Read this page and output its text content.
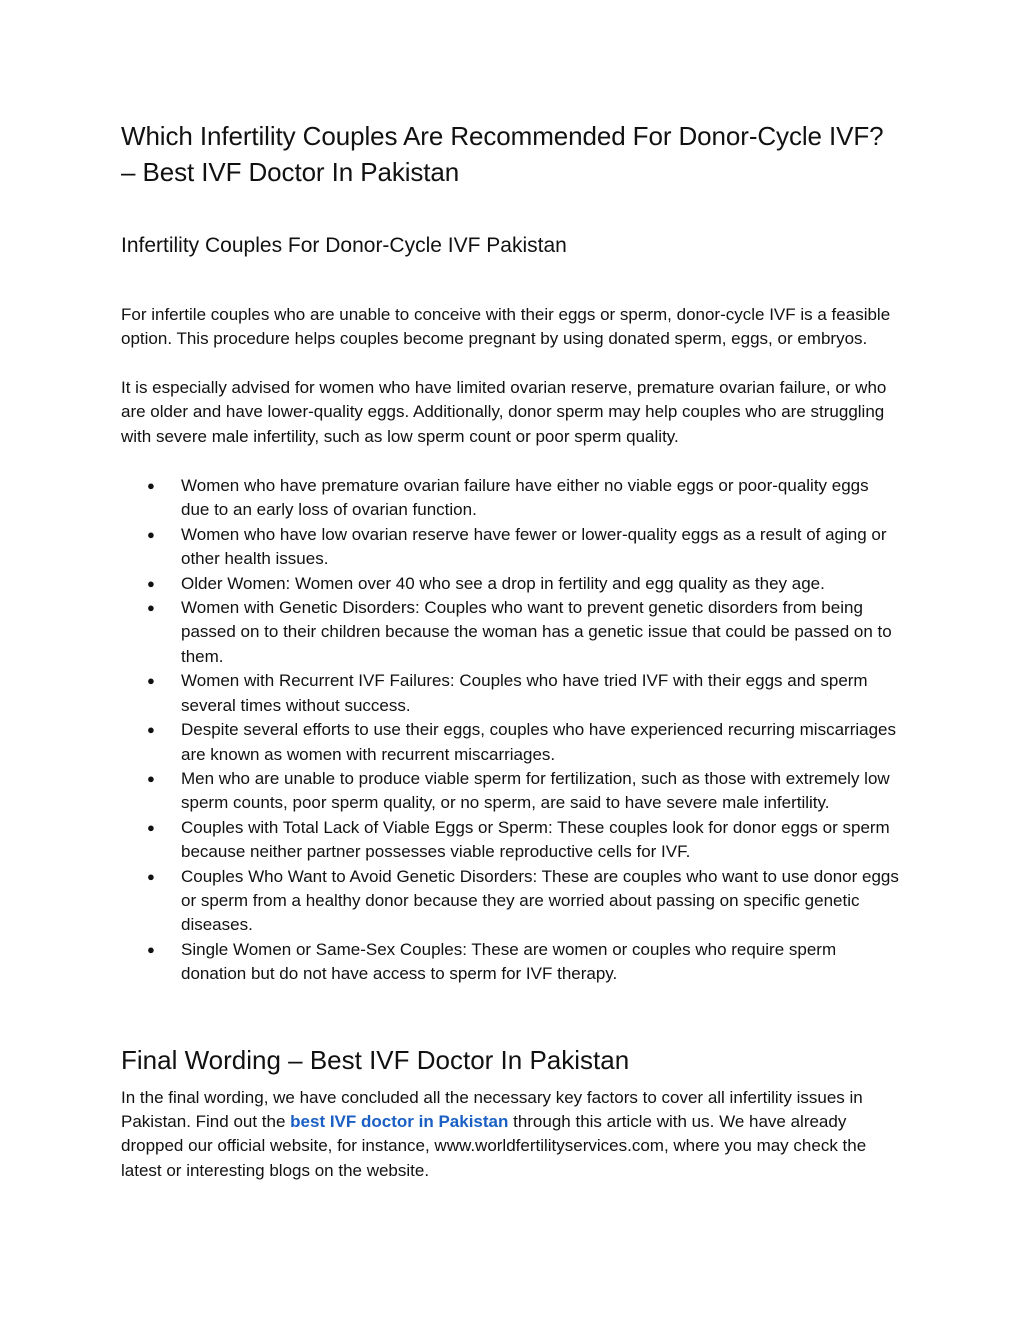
Which Infertility Couples Are Recommended For Donor-Cycle IVF? – Best IVF Doctor In Pakistan
Infertility Couples For Donor-Cycle IVF Pakistan

For infertile couples who are unable to conceive with their eggs or sperm, donor-cycle IVF is a feasible option. This procedure helps couples become pregnant by using donated sperm, eggs, or embryos.

It is especially advised for women who have limited ovarian reserve, premature ovarian failure, or who are older and have lower-quality eggs. Additionally, donor sperm may help couples who are struggling with severe male infertility, such as low sperm count or poor sperm quality.

● Women who have premature ovarian failure have either no viable eggs or poor-quality eggs due to an early loss of ovarian function.
● Women who have low ovarian reserve have fewer or lower-quality eggs as a result of aging or other health issues.
● Older Women: Women over 40 who see a drop in fertility and egg quality as they age.
● Women with Genetic Disorders: Couples who want to prevent genetic disorders from being passed on to their children because the woman has a genetic issue that could be passed on to them.
● Women with Recurrent IVF Failures: Couples who have tried IVF with their eggs and sperm several times without success.
● Despite several efforts to use their eggs, couples who have experienced recurring miscarriages are known as women with recurrent miscarriages.
● Men who are unable to produce viable sperm for fertilization, such as those with extremely low sperm counts, poor sperm quality, or no sperm, are said to have severe male infertility.
● Couples with Total Lack of Viable Eggs or Sperm: These couples look for donor eggs or sperm because neither partner possesses viable reproductive cells for IVF.
● Couples Who Want to Avoid Genetic Disorders: These are couples who want to use donor eggs or sperm from a healthy donor because they are worried about passing on specific genetic diseases.
● Single Women or Same-Sex Couples: These are women or couples who require sperm donation but do not have access to sperm for IVF therapy.
Final Wording – Best IVF Doctor In Pakistan

In the final wording, we have concluded all the necessary key factors to cover all infertility issues in Pakistan. Find out the best IVF doctor in Pakistan through this article with us. We have already dropped our official website, for instance, www.worldfertilityservices.com, where you may check the latest or interesting blogs on the website.
